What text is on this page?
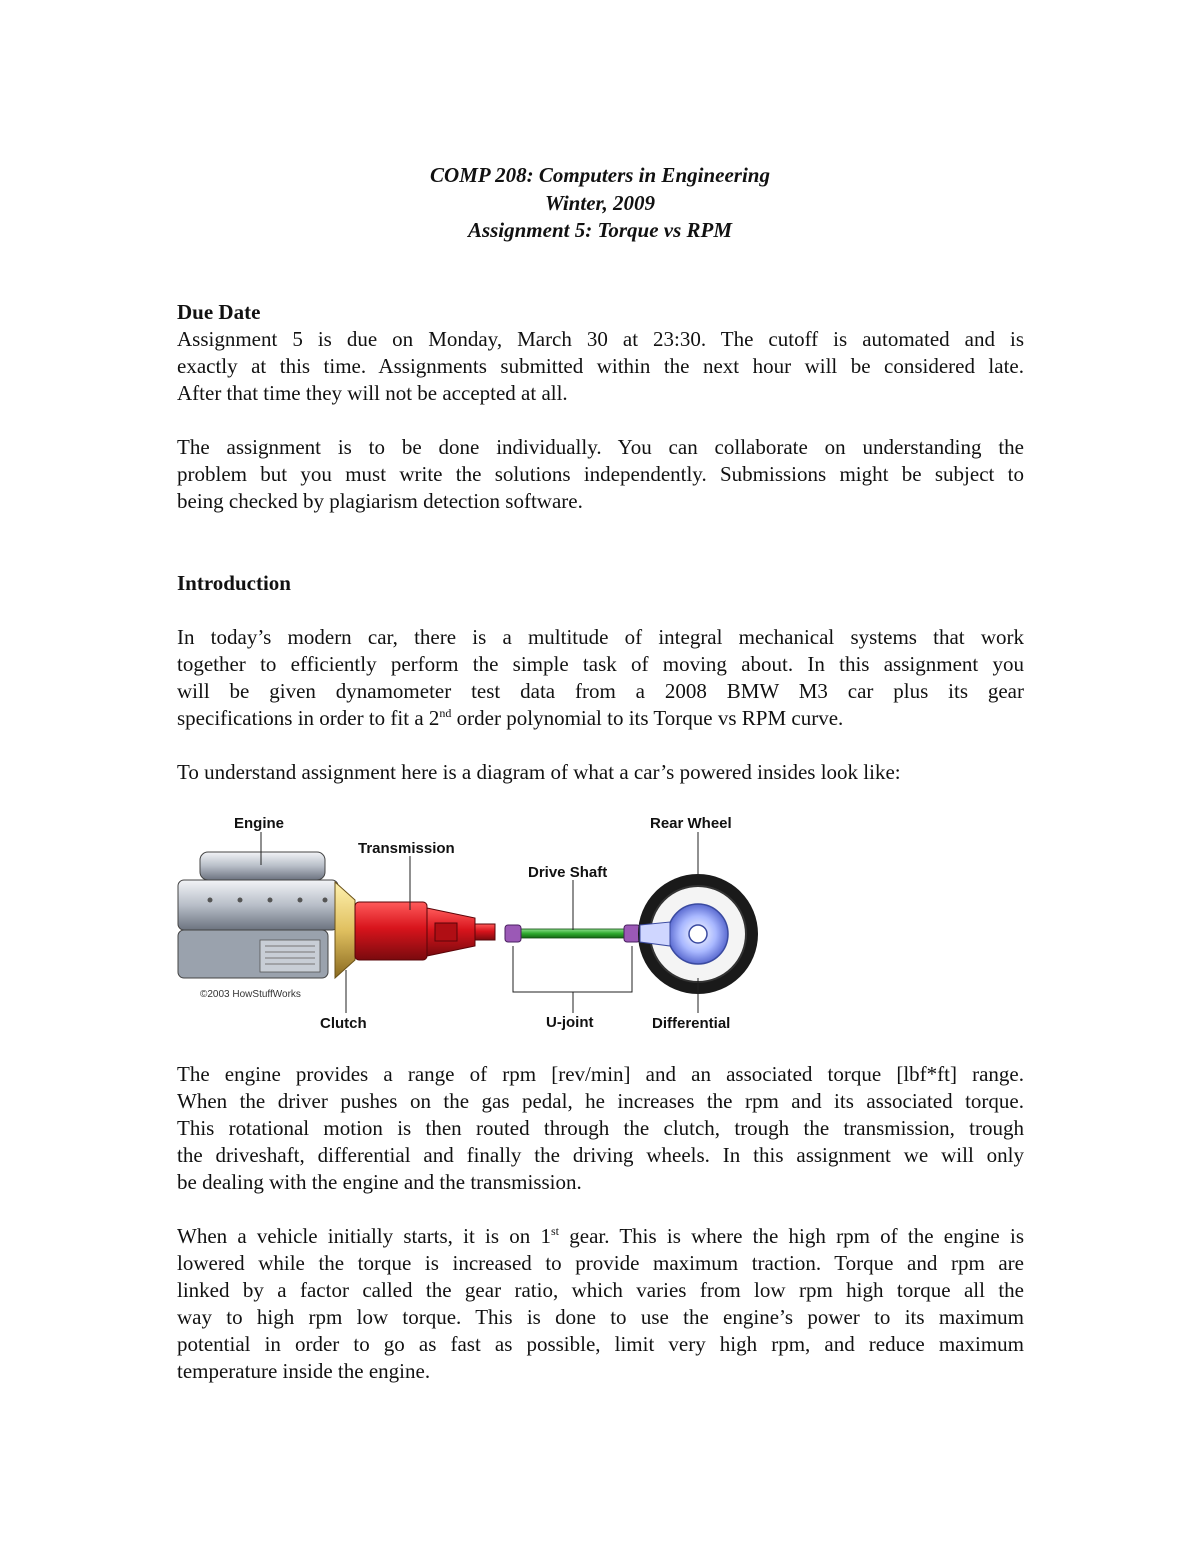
COMP 208: Computers in Engineering
Winter, 2009
Assignment 5: Torque vs RPM
Due Date
Assignment 5 is due on Monday, March 30 at 23:30. The cutoff is automated and is
exactly at this time. Assignments submitted within the next hour will be considered late.
After that time they will not be accepted at all.
The assignment is to be done individually. You can collaborate on understanding the
problem but you must write the solutions independently. Submissions might be subject to
being checked by plagiarism detection software.
Introduction
In today’s modern car, there is a multitude of integral mechanical systems that work
together to efficiently perform the simple task of moving about. In this assignment you
will be given dynamometer test data from a 2008 BMW M3 car plus its gear
specifications in order to fit a 2nd order polynomial to its Torque vs RPM curve.
To understand assignment here is a diagram of what a car’s powered insides look like:
Engine
Transmission
Drive Shaft
Rear Wheel
Clutch	U-joint	Differential
©2003 HowStuffWorks
The engine provides a range of rpm [rev/min] and an associated torque [lbf*ft] range.
When the driver pushes on the gas pedal, he increases the rpm and its associated torque.
This rotational motion is then routed through the clutch, trough the transmission, trough
the driveshaft, differential and finally the driving wheels. In this assignment we will only
be dealing with the engine and the transmission.
When a vehicle initially starts, it is on 1st gear. This is where the high rpm of the engine is
lowered while the torque is increased to provide maximum traction. Torque and rpm are
linked by a factor called the gear ratio, which varies from low rpm high torque all the
way to high rpm low torque. This is done to use the engine’s power to its maximum
potential in order to go as fast as possible, limit very high rpm, and reduce maximum
temperature inside the engine.
